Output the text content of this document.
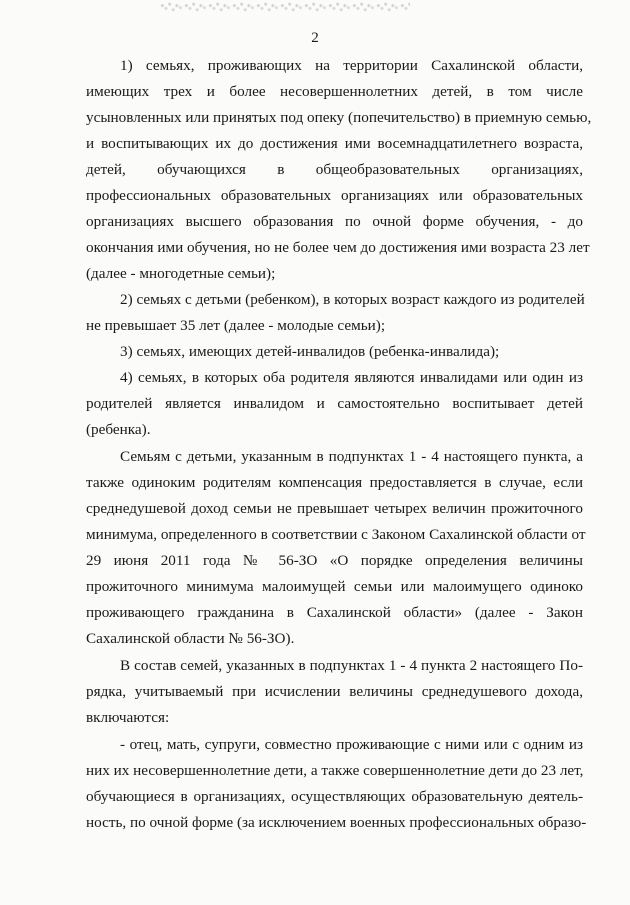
2
1) семьях, проживающих на территории Сахалинской области,
имеющих трех и более несовершеннолетних детей, в том числе
усыновленных или принятых под опеку (попечительство) в приемную семью,
и воспитывающих их до достижения ими восемнадцатилетнего возраста,
детей, обучающихся в общеобразовательных организациях,
профессиональных образовательных организациях или образовательных
организациях высшего образования по очной форме обучения, - до
окончания ими обучения, но не более чем до достижения ими возраста 23 лет
(далее - многодетные семьи);
2) семьях с детьми (ребенком), в которых возраст каждого из родителей
не превышает 35 лет (далее - молодые семьи);
3) семьях, имеющих детей-инвалидов (ребенка-инвалида);
4) семьях, в которых оба родителя являются инвалидами или один из
родителей является инвалидом и самостоятельно воспитывает детей
(ребенка).
Семьям с детьми, указанным в подпунктах 1 - 4 настоящего пункта, а
также одиноким родителям компенсация предоставляется в случае, если
среднедушевой доход семьи не превышает четырех величин прожиточного
минимума, определенного в соответствии с Законом Сахалинской области от
29 июня 2011 года № 56-ЗО «О порядке определения величины
прожиточного минимума малоимущей семьи или малоимущего одиноко
проживающего гражданина в Сахалинской области» (далее - Закон
Сахалинской области № 56-ЗО).
В состав семей, указанных в подпунктах 1 - 4 пункта 2 настоящего По-
рядка, учитываемый при исчислении величины среднедушевого дохода,
включаются:
- отец, мать, супруги, совместно проживающие с ними или с одним из
них их несовершеннолетние дети, а также совершеннолетние дети до 23 лет,
обучающиеся в организациях, осуществляющих образовательную деятель-
ность, по очной форме (за исключением военных профессиональных образо-
